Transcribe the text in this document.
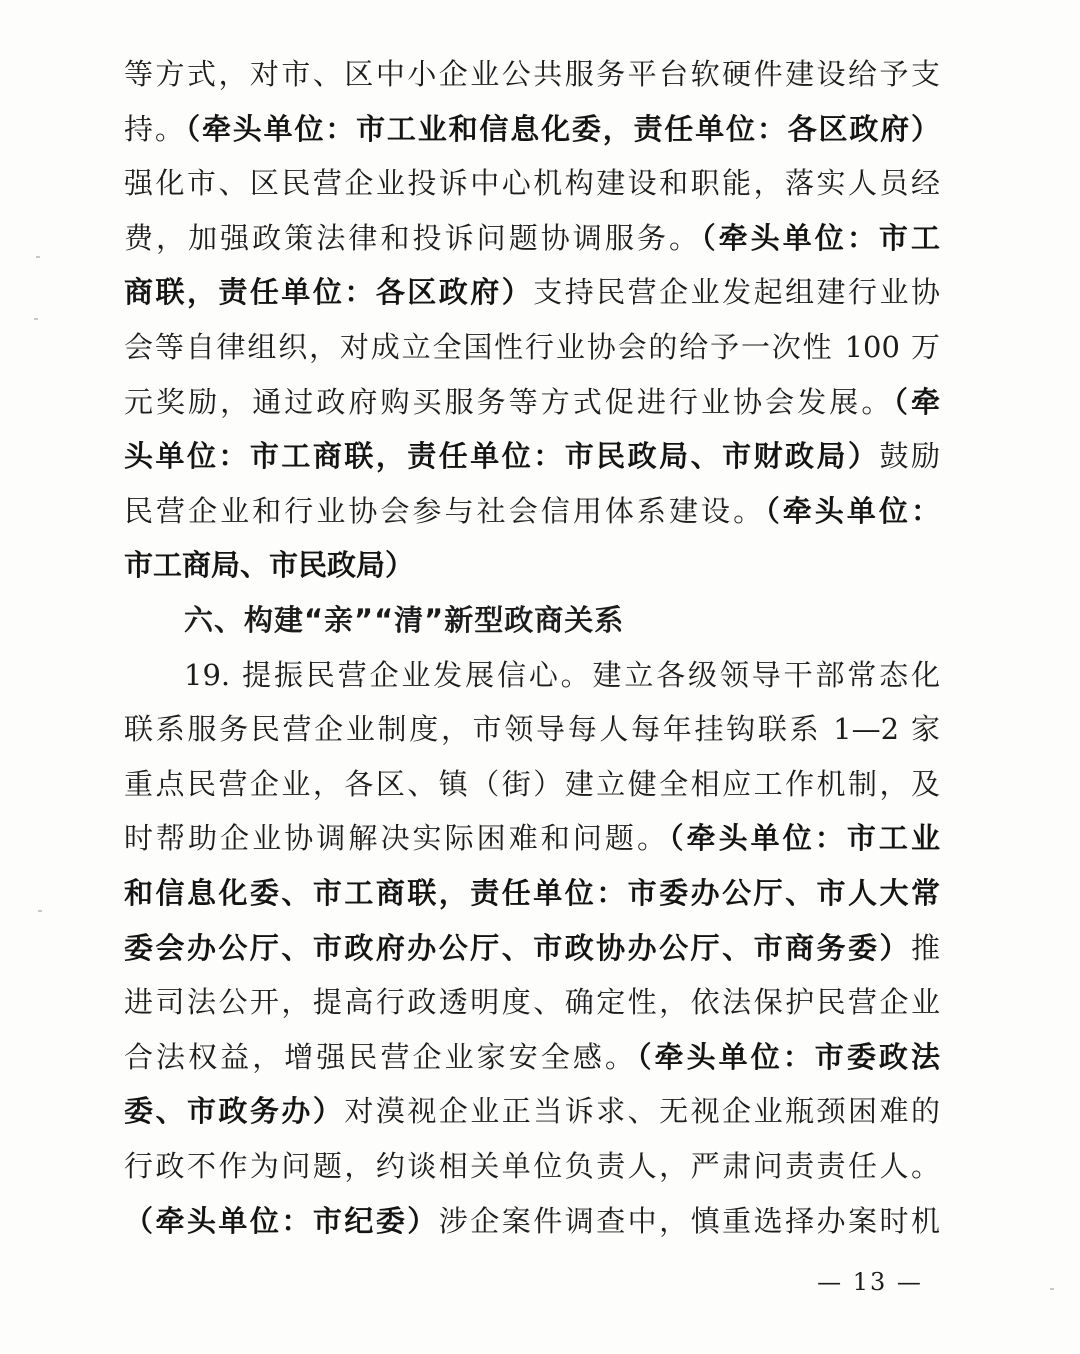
等方式，对市、区中小企业公共服务平台软硬件建设给予支
持。（牵头单位：市工业和信息化委，责任单位：各区政府）
强化市、区民营企业投诉中心机构建设和职能，落实人员经
费，加强政策法律和投诉问题协调服务。（牵头单位：市工
商联，责任单位：各区政府）支持民营企业发起组建行业协
会等自律组织，对成立全国性行业协会的给予一次性 100 万
元奖励，通过政府购买服务等方式促进行业协会发展。（牵
头单位：市工商联，责任单位：市民政局、市财政局）鼓励
民营企业和行业协会参与社会信用体系建设。（牵头单位：
市工商局、市民政局）
六、构建“亲”“清”新型政商关系
19. 提振民营企业发展信心。建立各级领导干部常态化
联系服务民营企业制度，市领导每人每年挂钩联系 1—2 家
重点民营企业，各区、镇（街）建立健全相应工作机制，及
时帮助企业协调解决实际困难和问题。（牵头单位：市工业
和信息化委、市工商联，责任单位：市委办公厅、市人大常
委会办公厅、市政府办公厅、市政协办公厅、市商务委）推
进司法公开，提高行政透明度、确定性，依法保护民营企业
合法权益，增强民营企业家安全感。（牵头单位：市委政法
委、市政务办）对漠视企业正当诉求、无视企业瓶颈困难的
行政不作为问题，约谈相关单位负责人，严肃问责责任人。
（牵头单位：市纪委）涉企案件调查中，慎重选择办案时机
— 13 —
